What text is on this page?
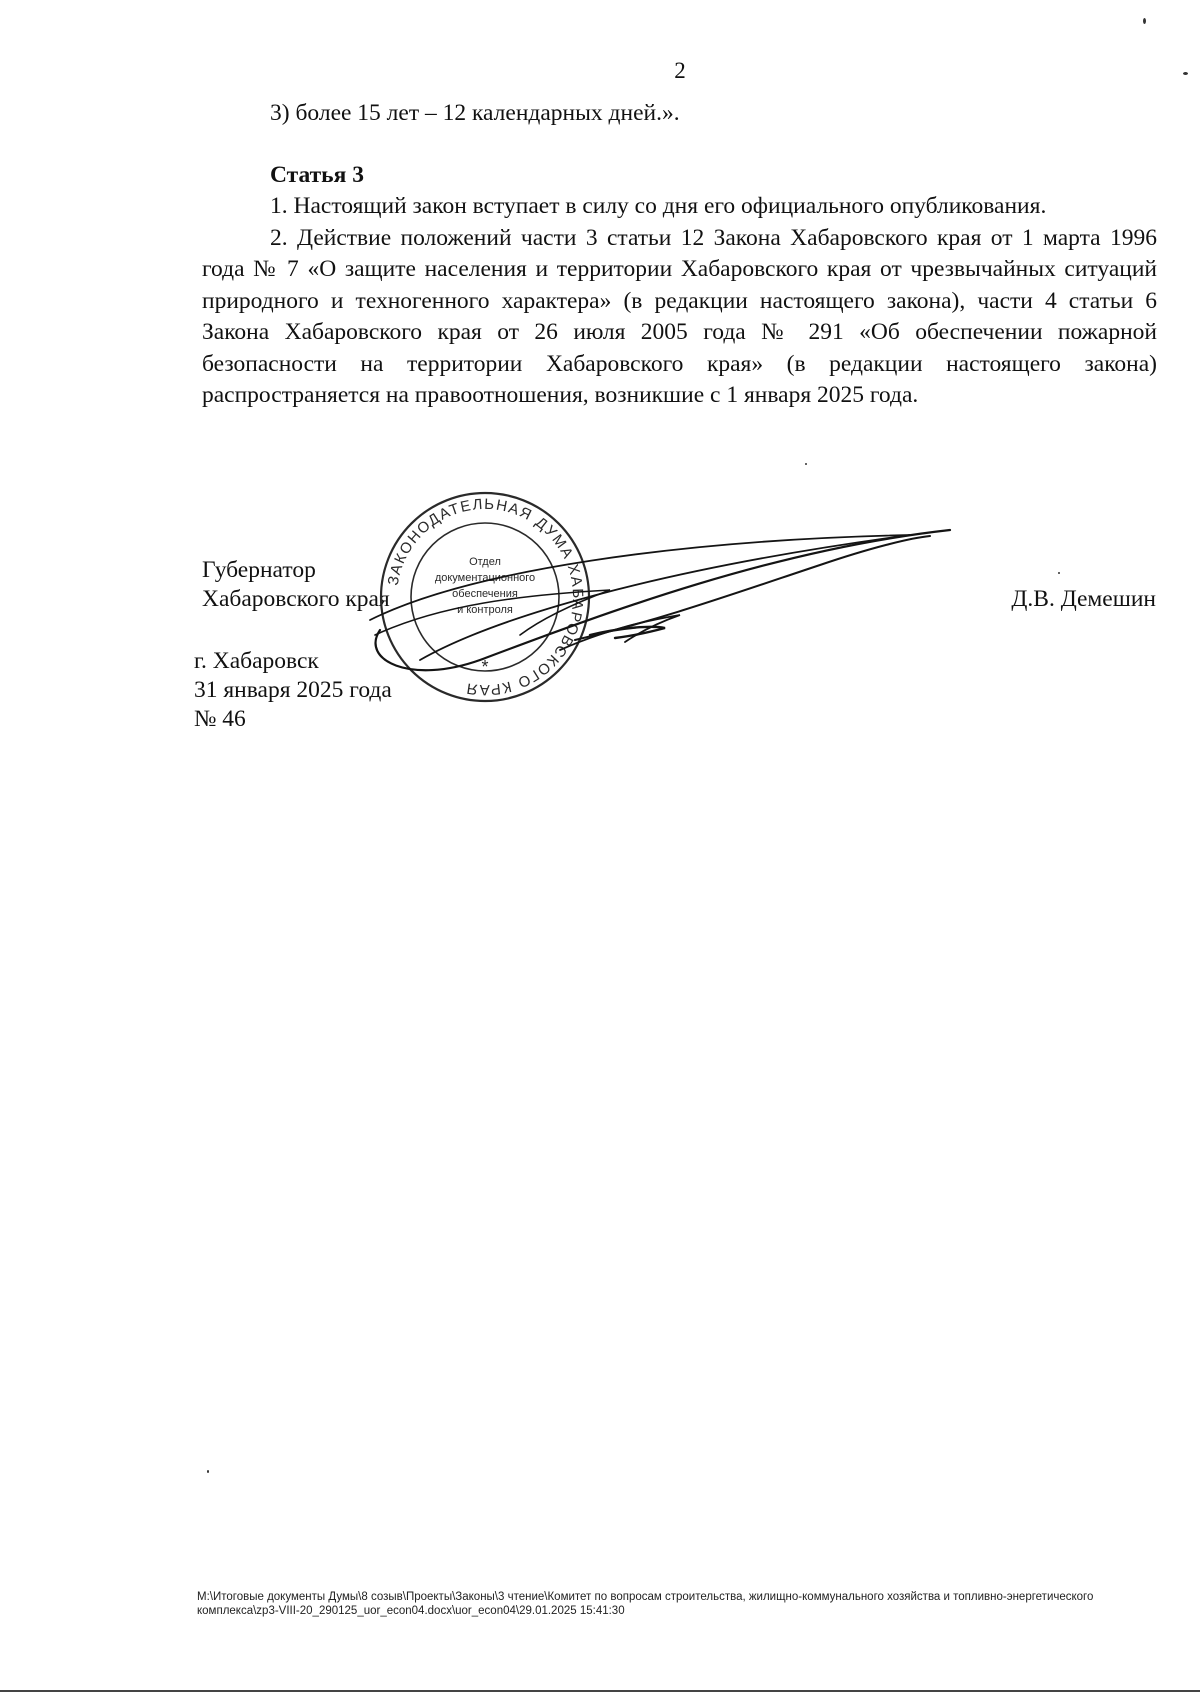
2

3) более 15 лет – 12 календарных дней.».

Статья 3

1. Настоящий закон вступает в силу со дня его официального опубликования.

2. Действие положений части 3 статьи 12 Закона Хабаровского края от 1 марта 1996 года № 7 «О защите населения и территории Хабаровского края от чрезвычайных ситуаций природного и техногенного характера» (в редакции настоящего закона), части 4 статьи 6 Закона Хабаровского края от 26 июля 2005 года № 291 «Об обеспечении пожарной безопасности на территории Хабаровского края» (в редакции настоящего закона) распространяется на правоотношения, возникшие с 1 января 2025 года.

Губернатор
Хабаровского края	Д.В. Демешин
г. Хабаровск
31 января 2025 года
№ 46
ЗАКОНОДАТЕЛЬНАЯ ДУМА ХАБАРОВСКОГО КРАЯ
Отдел
документационного
обеспечения
и контроля
*
M:\Итоговые документы Думы\8 созыв\Проекты\Законы\3 чтение\Комитет по вопросам строительства, жилищно-коммунального хозяйства и топливно-энергетического комплекса\zp3-VIII-20_290125_uor_econ04.docx\uor_econ04\29.01.2025 15:41:30
